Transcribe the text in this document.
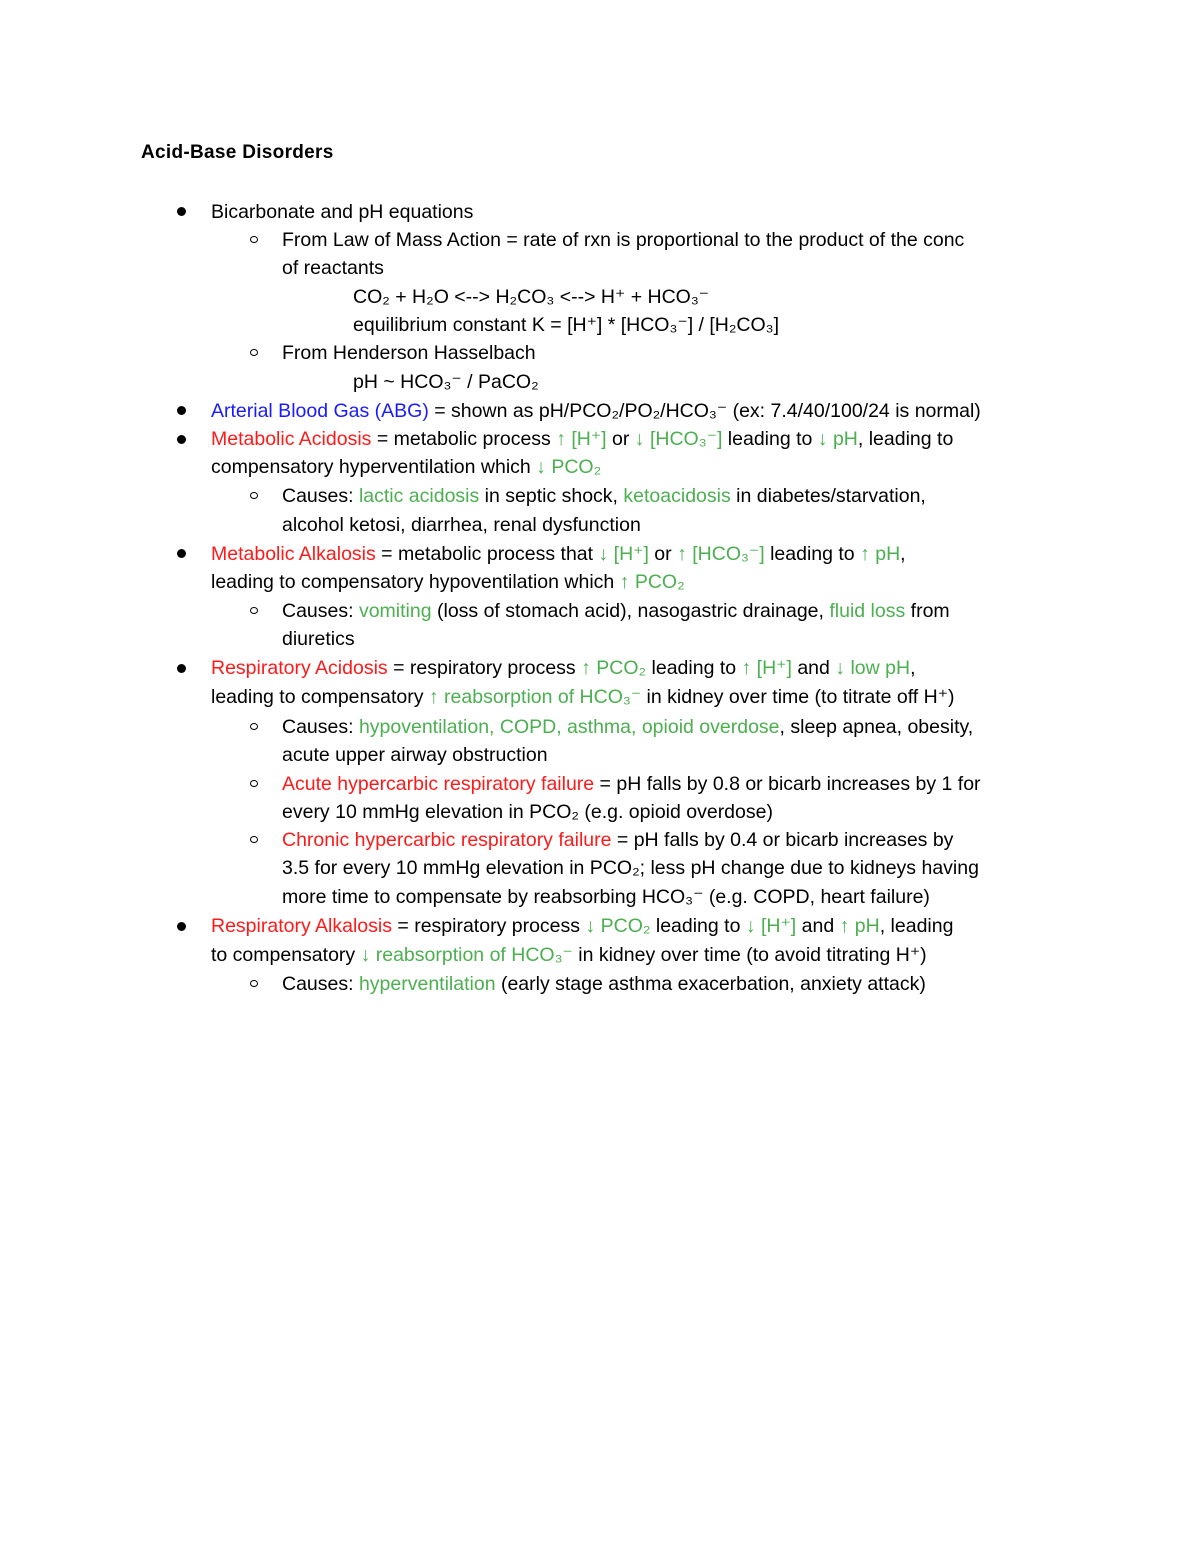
Acid-Base Disorders
Bicarbonate and pH equations
From Law of Mass Action = rate of rxn is proportional to the product of the conc
of reactants
CO₂ + H₂O <--> H₂CO₃ <--> H⁺ + HCO₃⁻
equilibrium constant K = [H⁺] * [HCO₃⁻] / [H₂CO₃]
From Henderson Hasselbach
pH ~ HCO₃⁻ / PaCO₂
Arterial Blood Gas (ABG) = shown as pH/PCO₂/PO₂/HCO₃⁻ (ex: 7.4/40/100/24 is normal)
Metabolic Acidosis = metabolic process ↑ [H⁺] or ↓ [HCO₃⁻] leading to ↓ pH, leading to
compensatory hyperventilation which ↓ PCO₂
Causes: lactic acidosis in septic shock, ketoacidosis in diabetes/starvation,
alcohol ketosi, diarrhea, renal dysfunction
Metabolic Alkalosis = metabolic process that ↓ [H⁺] or ↑ [HCO₃⁻] leading to ↑ pH,
leading to compensatory hypoventilation which ↑ PCO₂
Causes: vomiting (loss of stomach acid), nasogastric drainage, fluid loss from
diuretics
Respiratory Acidosis = respiratory process ↑ PCO₂ leading to ↑ [H⁺] and ↓ low pH,
leading to compensatory ↑ reabsorption of HCO₃⁻ in kidney over time (to titrate off H⁺)
Causes: hypoventilation, COPD, asthma, opioid overdose, sleep apnea, obesity,
acute upper airway obstruction
Acute hypercarbic respiratory failure = pH falls by 0.8 or bicarb increases by 1 for
every 10 mmHg elevation in PCO₂ (e.g. opioid overdose)
Chronic hypercarbic respiratory failure = pH falls by 0.4 or bicarb increases by
3.5 for every 10 mmHg elevation in PCO₂; less pH change due to kidneys having
more time to compensate by reabsorbing HCO₃⁻ (e.g. COPD, heart failure)
Respiratory Alkalosis = respiratory process ↓ PCO₂ leading to ↓ [H⁺] and ↑ pH, leading
to compensatory ↓ reabsorption of HCO₃⁻ in kidney over time (to avoid titrating H⁺)
Causes: hyperventilation (early stage asthma exacerbation, anxiety attack)
